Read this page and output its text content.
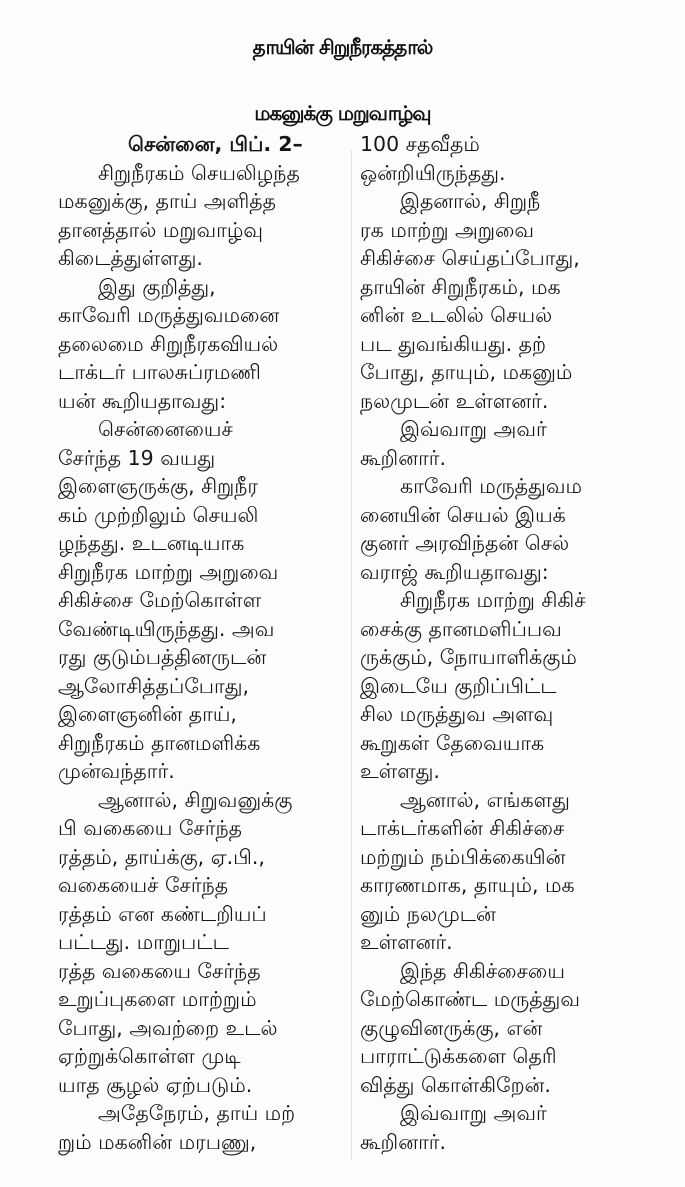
தாயின் சிறுநீரகத்தால்
மகனுக்கு மறுவாழ்வு
சென்னை, பிப். 2–
சிறுநீரகம் செயலிழந்த
மகனுக்கு, தாய் அளித்த
தானத்தால் மறுவாழ்வு
கிடைத்துள்ளது.
இது குறித்து,
காவேரி மருத்துவமனை
தலைமை சிறுநீரகவியல்
டாக்டர் பாலசுப்ரமணி
யன் கூறியதாவது:
சென்னையைச்
சேர்ந்த 19 வயது
இளைஞருக்கு, சிறுநீர
கம் முற்றிலும் செயலி
ழந்தது. உடனடியாக
சிறுநீரக மாற்று அறுவை
சிகிச்சை மேற்கொள்ள
வேண்டியிருந்தது. அவ
ரது குடும்பத்தினருடன்
ஆலோசித்தப்போது,
இளைஞனின் தாய்,
சிறுநீரகம் தானமளிக்க
முன்வந்தார்.
ஆனால், சிறுவனுக்கு
பி வகையை சேர்ந்த
ரத்தம், தாய்க்கு, ஏ.பி.,
வகையைச் சேர்ந்த
ரத்தம் என கண்டறியப்
பட்டது. மாறுபட்ட
ரத்த வகையை சேர்ந்த
உறுப்புகளை மாற்றும்
போது, அவற்றை உடல்
ஏற்றுக்கொள்ள முடி
யாத சூழல் ஏற்படும்.
அதேநேரம், தாய் மற்
றும் மகனின் மரபணு,
100 சதவீதம்
ஒன்றியிருந்தது.
இதனால், சிறுநீ
ரக மாற்று அறுவை
சிகிச்சை செய்தப்போது,
தாயின் சிறுநீரகம், மக
னின் உடலில் செயல்
பட துவங்கியது. தற்
போது, தாயும், மகனும்
நலமுடன் உள்ளனர்.
இவ்வாறு அவர்
கூறினார்.
காவேரி மருத்துவம
னையின் செயல் இயக்
குனர் அரவிந்தன் செல்
வராஜ் கூறியதாவது:
சிறுநீரக மாற்று சிகிச்
சைக்கு தானமளிப்பவ
ருக்கும், நோயாளிக்கும்
இடையே குறிப்பிட்ட
சில மருத்துவ அளவு
கூறுகள் தேவையாக
உள்ளது.
ஆனால், எங்களது
டாக்டர்களின் சிகிச்சை
மற்றும் நம்பிக்கையின்
காரணமாக, தாயும், மக
னும் நலமுடன்
உள்ளனர்.
இந்த சிகிச்சையை
மேற்கொண்ட மருத்துவ
குழுவினருக்கு, என்
பாராட்டுக்களை தெரி
வித்து கொள்கிறேன்.
இவ்வாறு அவர்
கூறினார்.
